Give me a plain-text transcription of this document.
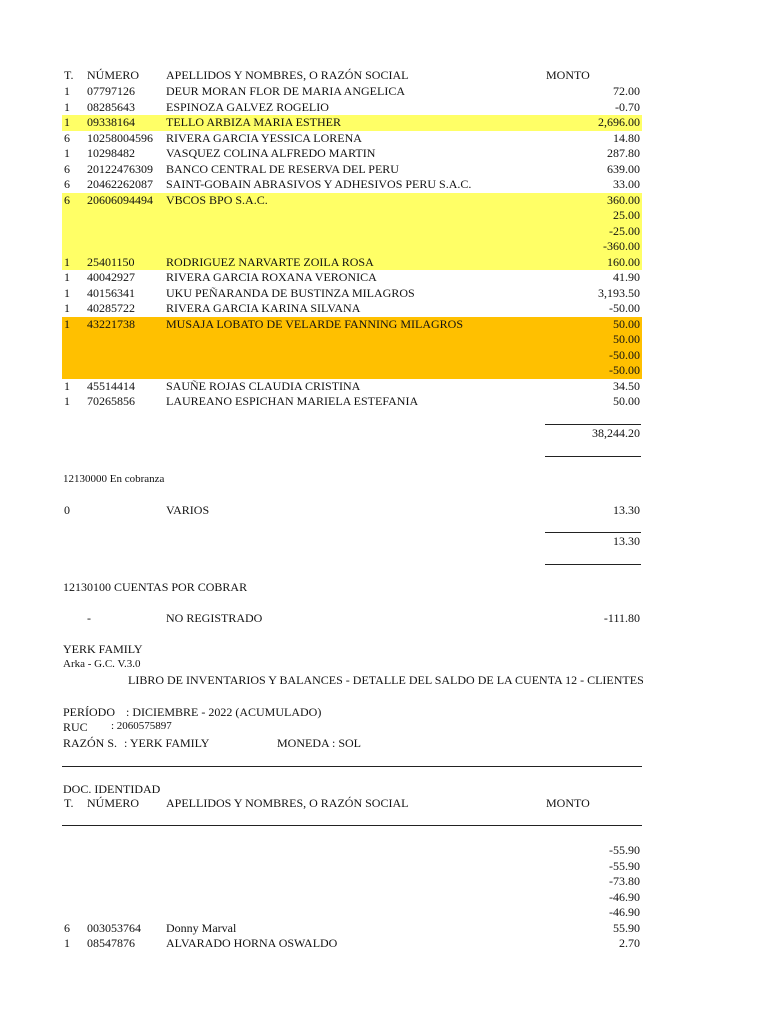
T. NÚMERO APELLIDOS Y NOMBRES, O RAZÓN SOCIAL	MONTO
1 07797126	DEUR MORAN FLOR DE MARIA ANGELICA	72.00
1 08285643	ESPINOZA GALVEZ ROGELIO	-0.70
1 09338164	TELLO ARBIZA MARIA ESTHER	2,696.00
6 10258004596 RIVERA GARCIA YESSICA LORENA	14.80
1 10298482	VASQUEZ COLINA ALFREDO MARTIN	287.80
6 20122476309 BANCO CENTRAL DE RESERVA DEL PERU	639.00
6 20462262087 SAINT-GOBAIN ABRASIVOS Y ADHESIVOS PERU S.A.C.	33.00
6 20606094494 VBCOS BPO S.A.C.	360.00
25.00
-25.00
-360.00
1 25401150	RODRIGUEZ NARVARTE ZOILA ROSA	160.00
1 40042927	RIVERA GARCIA ROXANA VERONICA	41.90
1 40156341	UKU PEÑARANDA DE BUSTINZA MILAGROS	3,193.50
1 40285722	RIVERA GARCIA KARINA SILVANA	-50.00
1 43221738	MUSAJA LOBATO DE VELARDE FANNING MILAGROS	50.00
50.00
-50.00
-50.00
1 45514414	SAUÑE ROJAS CLAUDIA CRISTINA	34.50
1 70265856	LAUREANO ESPICHAN MARIELA ESTEFANIA	50.00
38,244.20
12130000 En cobranza
0	VARIOS	13.30
13.30
12130100 CUENTAS POR COBRAR
-	NO REGISTRADO	-111.80
YERK FAMILY
Arka - G.C. V.3.0
LIBRO DE INVENTARIOS Y BALANCES - DETALLE DEL SALDO DE LA CUENTA 12 - CLIENTES
PERÍODO : DICIEMBRE - 2022 (ACUMULADO)
RUC : 2060575897
RAZÓN S. : YERK FAMILY	MONEDA : SOL
DOC. IDENTIDAD
T. NÚMERO APELLIDOS Y NOMBRES, O RAZÓN SOCIAL	MONTO
-55.90
-55.90
-73.80
-46.90
-46.90
6 003053764 Donny Marval	55.90
1 08547876	ALVARADO HORNA OSWALDO	2.70
